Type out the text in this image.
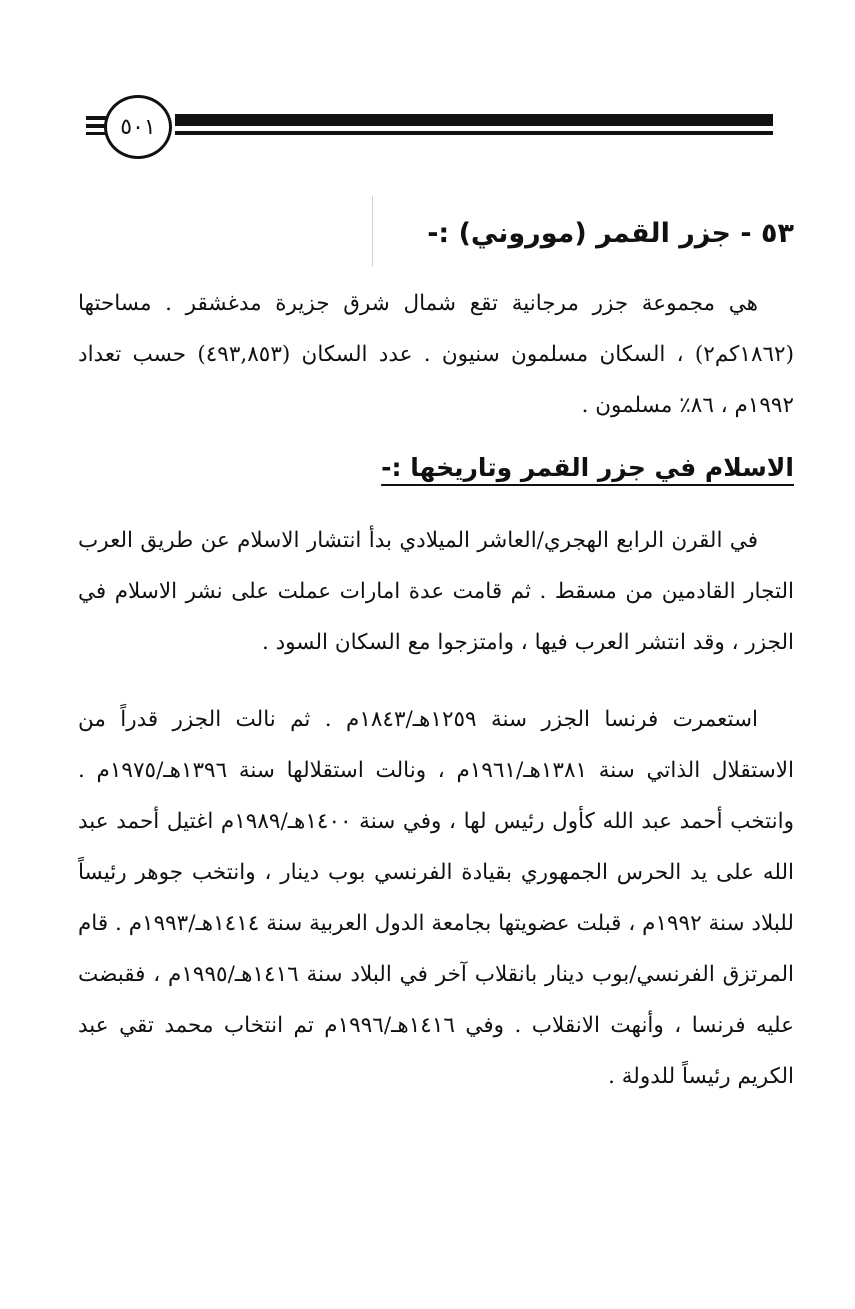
٥٠١
٥٣ - جزر القمر (موروني) :-

هي مجموعة جزر مرجانية تقع شمال شرق جزيرة مدغشقر . مساحتها (١٨٦٢كم٢) ، السكان مسلمون سنيون . عدد السكان (٤٩٣,٨٥٣) حسب تعداد ١٩٩٢م ، ٨٦٪ مسلمون .

الاسلام في جزر القمر وتاريخها :-

في القرن الرابع الهجري/العاشر الميلادي بدأ انتشار الاسلام عن طريق العرب التجار القادمين من مسقط . ثم قامت عدة امارات عملت على نشر الاسلام في الجزر ، وقد انتشر العرب فيها ، وامتزجوا مع السكان السود .

استعمرت فرنسا الجزر سنة ١٢٥٩هـ/١٨٤٣م . ثم نالت الجزر قدراً من الاستقلال الذاتي سنة ١٣٨١هـ/١٩٦١م ، ونالت استقلالها سنة ١٣٩٦هـ/١٩٧٥م . وانتخب أحمد عبد الله كأول رئيس لها ، وفي سنة ١٤٠٠هـ/١٩٨٩م اغتيل أحمد عبد الله على يد الحرس الجمهوري بقيادة الفرنسي بوب دينار ، وانتخب جوهر رئيساً للبلاد سنة ١٩٩٢م ، قبلت عضويتها بجامعة الدول العربية سنة ١٤١٤هـ/١٩٩٣م . قام المرتزق الفرنسي/بوب دينار بانقلاب آخر في البلاد سنة ١٤١٦هـ/١٩٩٥م ، فقبضت عليه فرنسا ، وأنهت الانقلاب . وفي ١٤١٦هـ/١٩٩٦م تم انتخاب محمد تقي عبد الكريم رئيساً للدولة .
